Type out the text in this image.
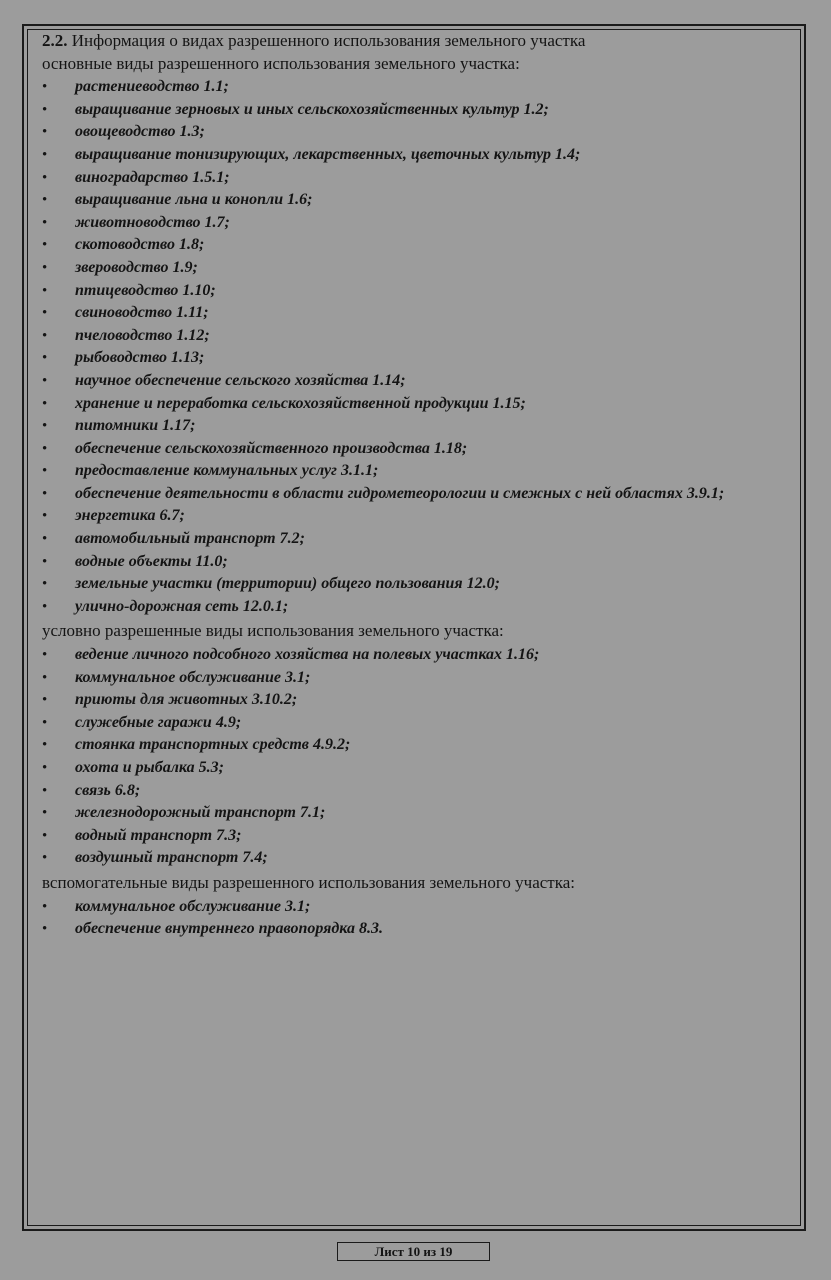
2.2. Информация о видах разрешенного использования земельного участка

основные виды разрешенного использования земельного участка:

• растениеводство 1.1;
• выращивание зерновых и иных сельскохозяйственных культур 1.2;
• овощеводство 1.3;
• выращивание тонизирующих, лекарственных, цветочных культур 1.4;
• виноградарство 1.5.1;
• выращивание льна и конопли 1.6;
• животноводство 1.7;
• скотоводство 1.8;
• звероводство 1.9;
• птицеводство 1.10;
• свиноводство 1.11;
• пчеловодство 1.12;
• рыбоводство 1.13;
• научное обеспечение сельского хозяйства 1.14;
• хранение и переработка сельскохозяйственной продукции 1.15;
• питомники 1.17;
• обеспечение сельскохозяйственного производства 1.18;
• предоставление коммунальных услуг 3.1.1;
• обеспечение деятельности в области гидрометеорологии и смежных с ней областях 3.9.1;
• энергетика 6.7;
• автомобильный транспорт 7.2;
• водные объекты 11.0;
• земельные участки (территории) общего пользования 12.0;
• улично-дорожная сеть 12.0.1;

условно разрешенные виды использования земельного участка:

• ведение личного подсобного хозяйства на полевых участках 1.16;
• коммунальное обслуживание 3.1;
• приюты для животных 3.10.2;
• служебные гаражи 4.9;
• стоянка транспортных средств 4.9.2;
• охота и рыбалка 5.3;
• связь 6.8;
• железнодорожный транспорт 7.1;
• водный транспорт 7.3;
• воздушный транспорт 7.4;

вспомогательные виды разрешенного использования земельного участка:

• коммунальное обслуживание 3.1;
• обеспечение внутреннего правопорядка 8.3.
Лист 10 из 19
